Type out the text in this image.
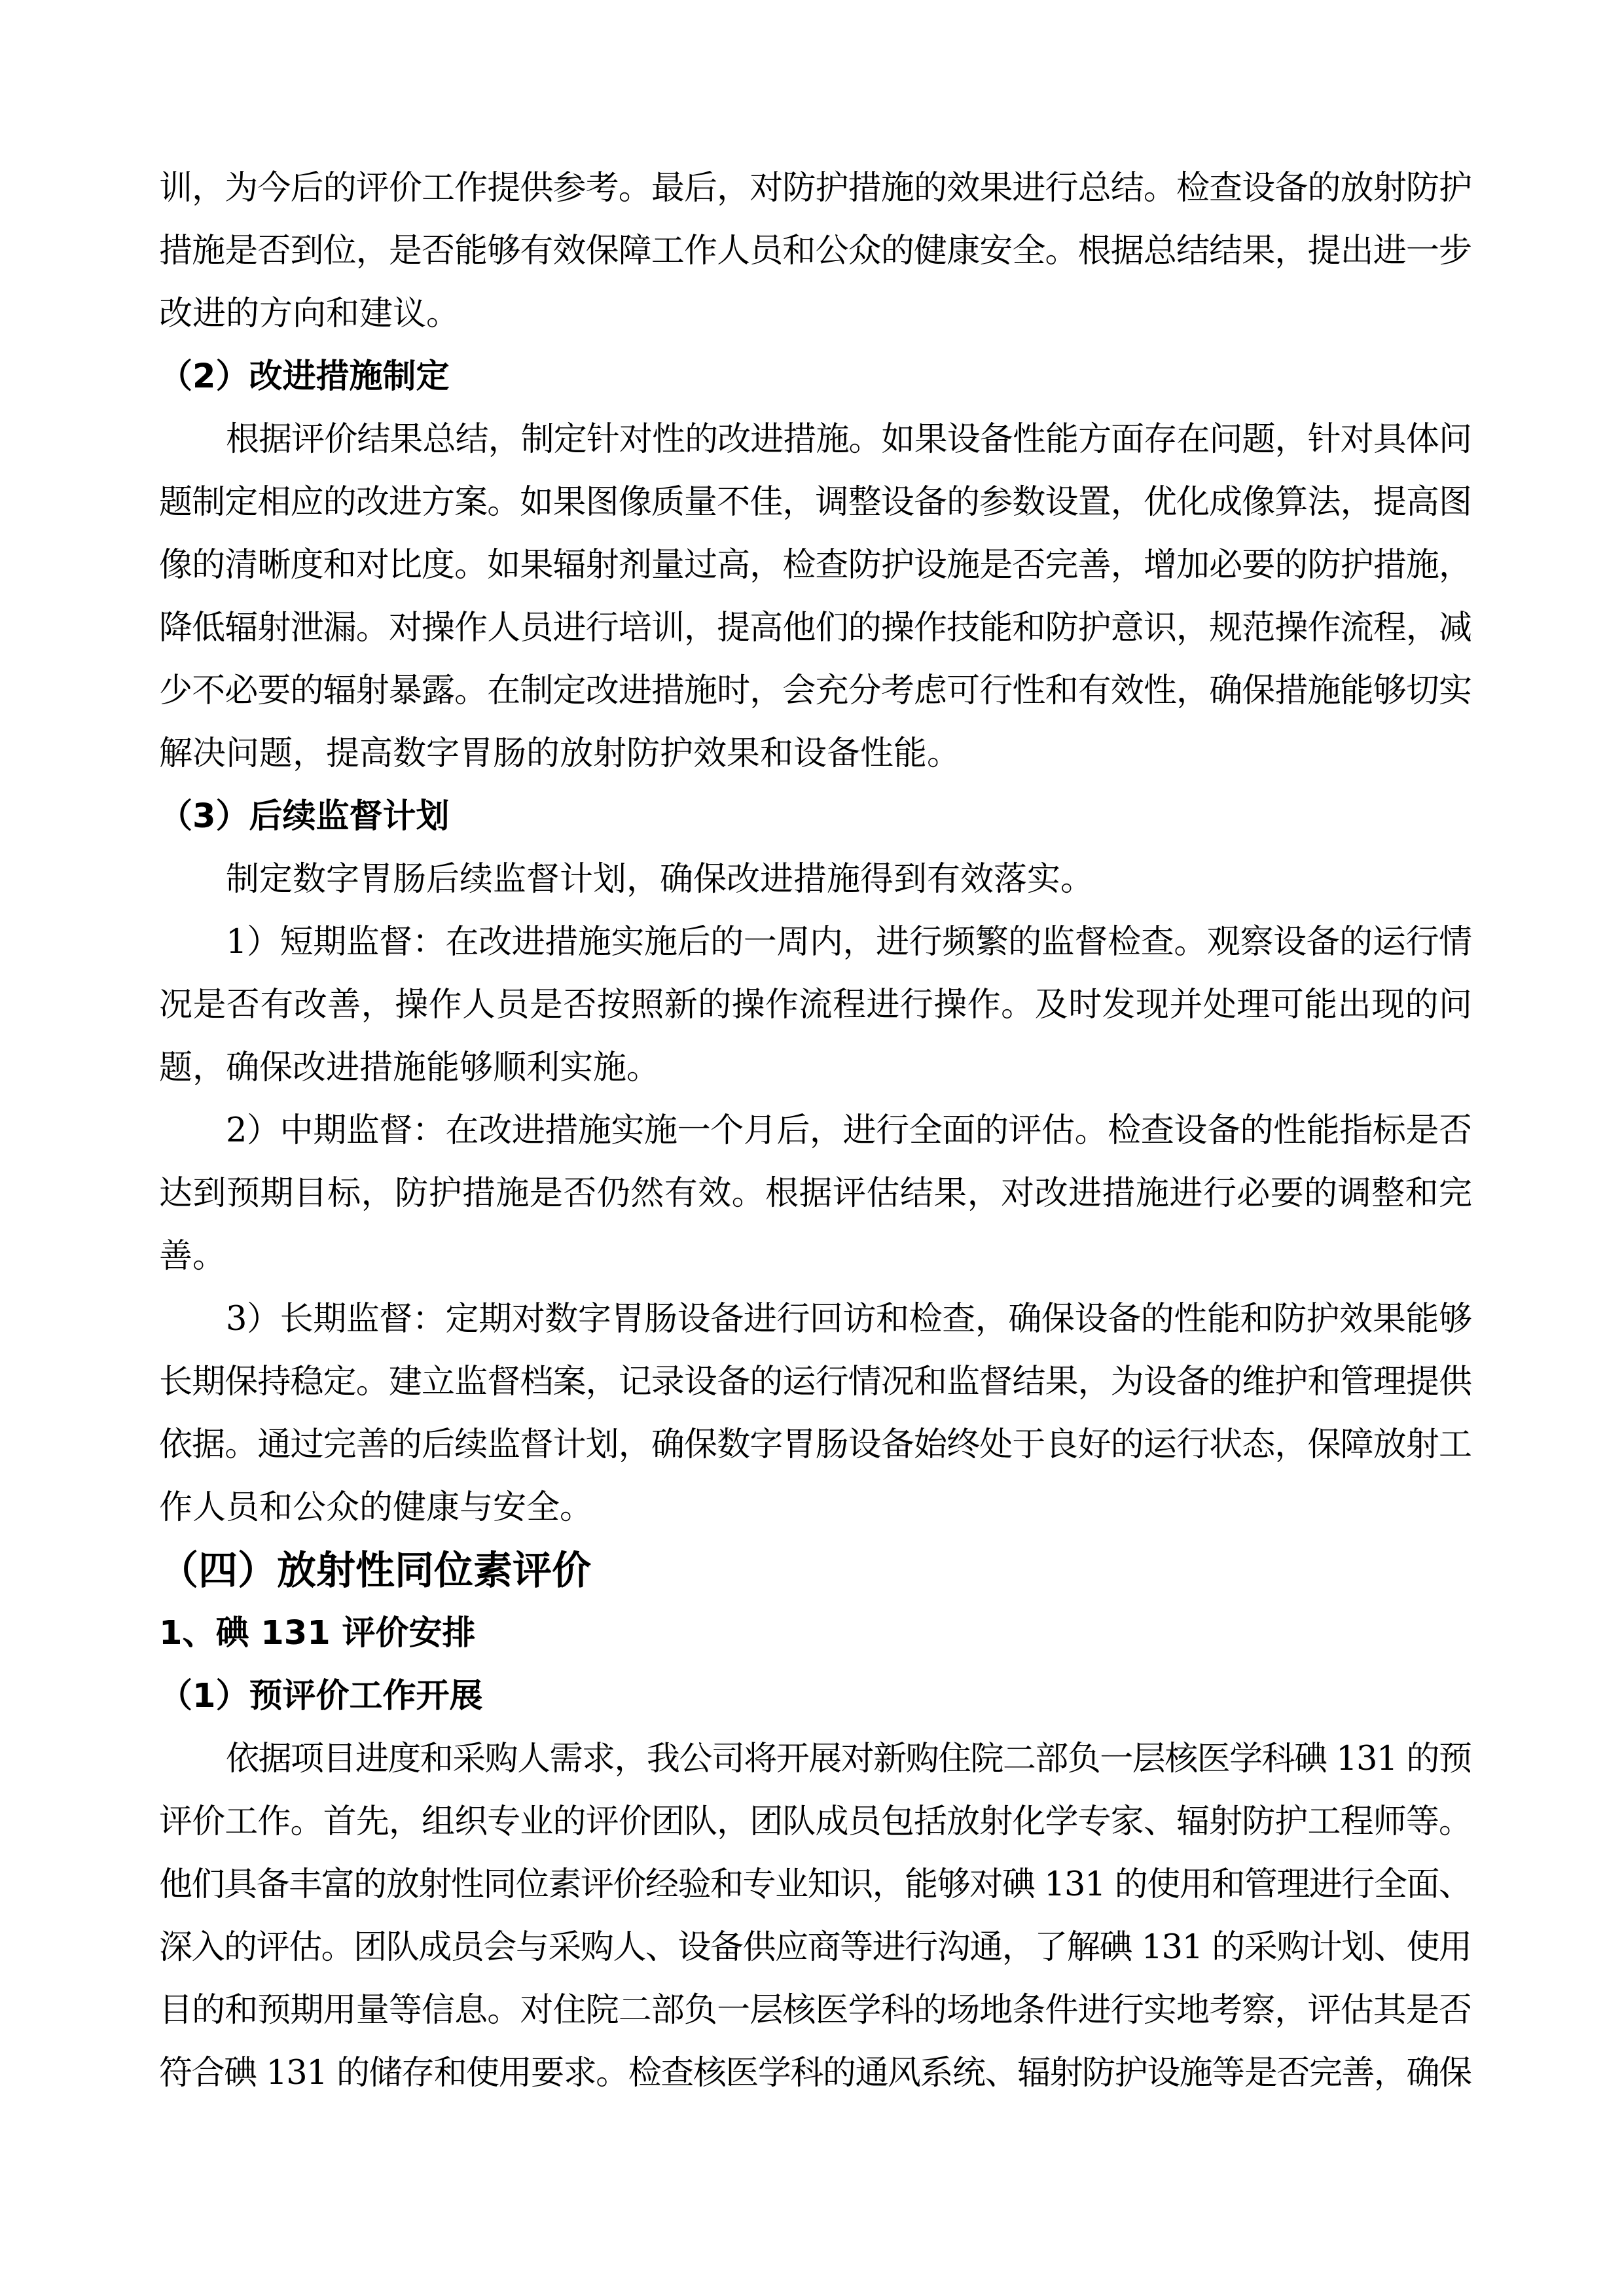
训，为今后的评价工作提供参考。最后，对防护措施的效果进行总结。检查设备的放射防护
措施是否到位，是否能够有效保障工作人员和公众的健康安全。根据总结结果，提出进一步
改进的方向和建议。
（2）改进措施制定
根据评价结果总结，制定针对性的改进措施。如果设备性能方面存在问题，针对具体问
题制定相应的改进方案。如果图像质量不佳，调整设备的参数设置，优化成像算法，提高图
像的清晰度和对比度。如果辐射剂量过高，检查防护设施是否完善，增加必要的防护措施，
降低辐射泄漏。对操作人员进行培训，提高他们的操作技能和防护意识，规范操作流程，减
少不必要的辐射暴露。在制定改进措施时，会充分考虑可行性和有效性，确保措施能够切实
解决问题，提高数字胃肠的放射防护效果和设备性能。
（3）后续监督计划
制定数字胃肠后续监督计划，确保改进措施得到有效落实。
1）短期监督：在改进措施实施后的一周内，进行频繁的监督检查。观察设备的运行情
况是否有改善，操作人员是否按照新的操作流程进行操作。及时发现并处理可能出现的问
题，确保改进措施能够顺利实施。
2）中期监督：在改进措施实施一个月后，进行全面的评估。检查设备的性能指标是否
达到预期目标，防护措施是否仍然有效。根据评估结果，对改进措施进行必要的调整和完
善。
3）长期监督：定期对数字胃肠设备进行回访和检查，确保设备的性能和防护效果能够
长期保持稳定。建立监督档案，记录设备的运行情况和监督结果，为设备的维护和管理提供
依据。通过完善的后续监督计划，确保数字胃肠设备始终处于良好的运行状态，保障放射工
作人员和公众的健康与安全。
（四）放射性同位素评价
1、碘 131 评价安排
（1）预评价工作开展
依据项目进度和采购人需求，我公司将开展对新购住院二部负一层核医学科碘 131 的预
评价工作。首先，组织专业的评价团队，团队成员包括放射化学专家、辐射防护工程师等。
他们具备丰富的放射性同位素评价经验和专业知识，能够对碘 131 的使用和管理进行全面、
深入的评估。团队成员会与采购人、设备供应商等进行沟通，了解碘 131 的采购计划、使用
目的和预期用量等信息。对住院二部负一层核医学科的场地条件进行实地考察，评估其是否
符合碘 131 的储存和使用要求。检查核医学科的通风系统、辐射防护设施等是否完善，确保
